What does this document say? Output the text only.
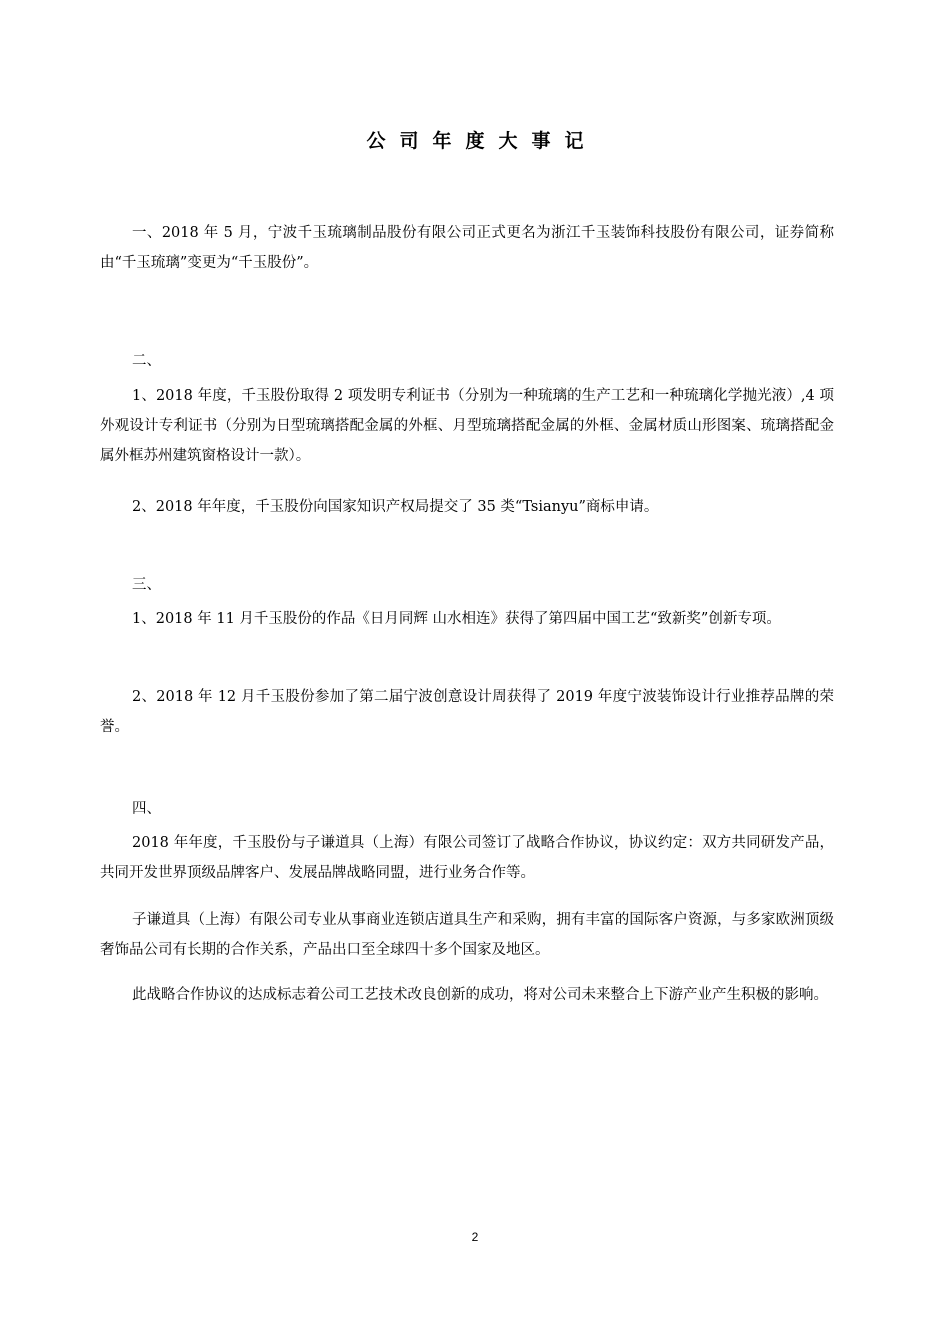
公司年度大事记
一、2018 年 5 月，宁波千玉琉璃制品股份有限公司正式更名为浙江千玉装饰科技股份有限公司，证券简称由“千玉琉璃”变更为“千玉股份”。
二、
1、2018 年度，千玉股份取得 2 项发明专利证书（分别为一种琉璃的生产工艺和一种琉璃化学抛光液）,4 项外观设计专利证书（分别为日型琉璃搭配金属的外框、月型琉璃搭配金属的外框、金属材质山形图案、琉璃搭配金属外框苏州建筑窗格设计一款）。
2、2018 年年度，千玉股份向国家知识产权局提交了 35 类“Tsianyu”商标申请。
三、
1、2018 年 11 月千玉股份的作品《日月同辉 山水相连》获得了第四届中国工艺“致新奖”创新专项。
2、2018 年 12 月千玉股份参加了第二届宁波创意设计周获得了 2019 年度宁波装饰设计行业推荐品牌的荣誉。
四、
2018 年年度，千玉股份与子谦道具（上海）有限公司签订了战略合作协议，协议约定：双方共同研发产品，共同开发世界顶级品牌客户、发展品牌战略同盟，进行业务合作等。
子谦道具（上海）有限公司专业从事商业连锁店道具生产和采购，拥有丰富的国际客户资源，与多家欧洲顶级奢饰品公司有长期的合作关系，产品出口至全球四十多个国家及地区。
此战略合作协议的达成标志着公司工艺技术改良创新的成功，将对公司未来整合上下游产业产生积极的影响。
2
